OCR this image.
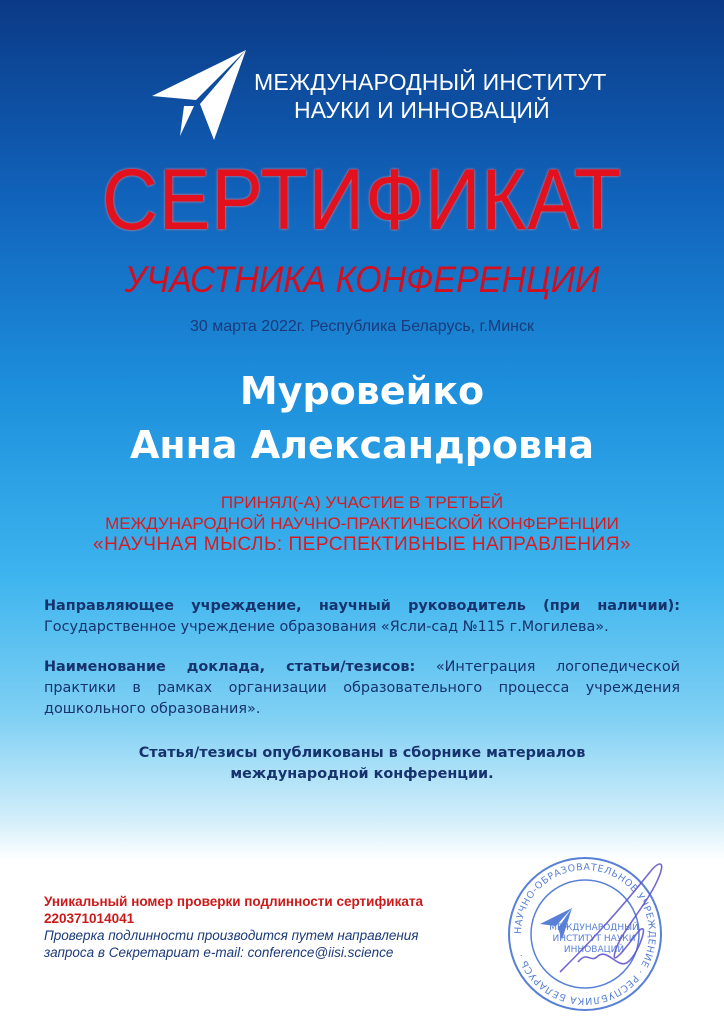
МЕЖДУНАРОДНЫЙ ИНСТИТУТ
НАУКИ И ИННОВАЦИЙ
СЕРТИФИКАТ
УЧАСТНИКА КОНФЕРЕНЦИИ
30 марта 2022г. Республика Беларусь, г.Минск
Муровейко
Анна Александровна
ПРИНЯЛ(-А) УЧАСТИЕ В ТРЕТЬЕЙ
МЕЖДУНАРОДНОЙ НАУЧНО-ПРАКТИЧЕСКОЙ КОНФЕРЕНЦИИ
«НАУЧНАЯ МЫСЛЬ: ПЕРСПЕКТИВНЫЕ НАПРАВЛЕНИЯ»
Направляющее учреждение, научный руководитель (при наличии): Государственное учреждение образования «Ясли-сад №115 г.Могилева».
Наименование доклада, статьи/тезисов: «Интеграция логопедической практики в рамках организации образовательного процесса учреждения дошкольного образования».
Статья/тезисы опубликованы в сборнике материалов
международной конференции.
Уникальный номер проверки подлинности сертификата
220371014041
Проверка подлинности производится путем направления
запроса в Секретариат e-mail: conference@iisi.science
НАУЧНО-ОБРАЗОВАТЕЛЬНОЕ УЧРЕЖДЕНИЕ · РЕСПУБЛИКА БЕЛАРУСЬ ·
МЕЖДУНАРОДНЫЙ
ИНСТИТУТ НАУКИ
ИННОВАЦИЙ
